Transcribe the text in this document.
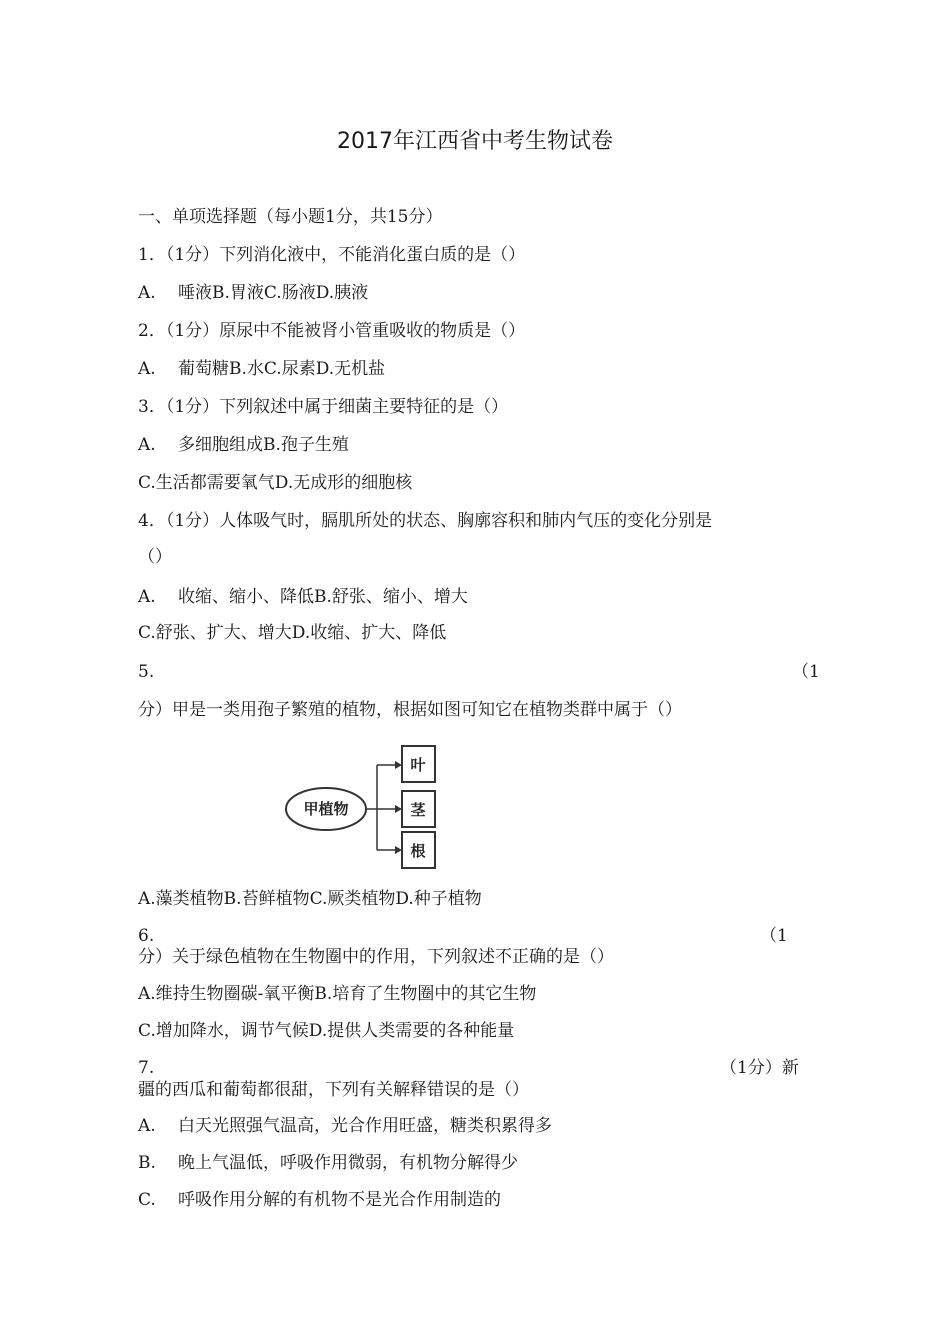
2017年江西省中考生物试卷
一、单项选择题（每小题1分，共15分）
1．（1分）下列消化液中，不能消化蛋白质的是（）
A. 唾液B.胃液C.肠液D.胰液
2．（1分）原尿中不能被肾小管重吸收的物质是（）
A. 葡萄糖B.水C.尿素D.无机盐
3．（1分）下列叙述中属于细菌主要特征的是（）
A. 多细胞组成B.孢子生殖
C.生活都需要氧气D.无成形的细胞核
4．（1分）人体吸气时，膈肌所处的状态、胸廓容积和肺内气压的变化分别是
（）
A. 收缩、缩小、降低B.舒张、缩小、增大
C.舒张、扩大、增大D.收缩、扩大、降低
5.	（1
分）甲是一类用孢子繁殖的植物，根据如图可知它在植物类群中属于（）
甲植物
叶
茎
根
A.藻类植物B.苔鲜植物C.厥类植物D.种子植物
6.	（1
分）关于绿色植物在生物圈中的作用，下列叙述不正确的是（）
A.维持生物圈碳-氧平衡B.培育了生物圈中的其它生物
C.增加降水，调节气候D.提供人类需要的各种能量
7.	（1分）新
疆的西瓜和葡萄都很甜，下列有关解释错误的是（）
A. 白天光照强气温高，光合作用旺盛，糖类积累得多
B. 晚上气温低，呼吸作用微弱，有机物分解得少
C. 呼吸作用分解的有机物不是光合作用制造的
